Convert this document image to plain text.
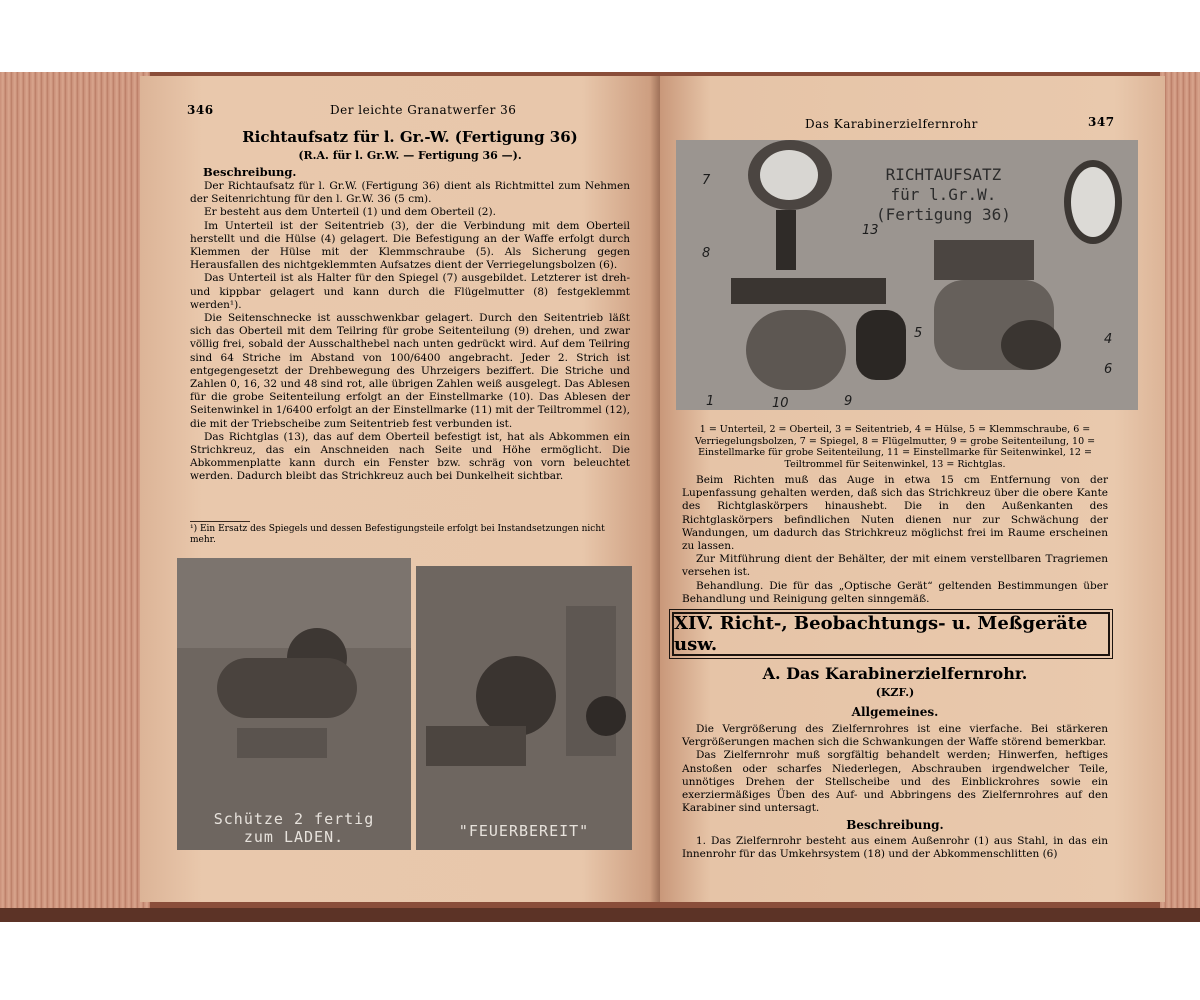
346	Der leichte Granatwerfer 36
Richtaufsatz für l. Gr.-W. (Fertigung 36)
(R.A. für l. Gr.W. — Fertigung 36 —).
Beschreibung.

Der Richtaufsatz für l. Gr.W. (Fertigung 36) dient als Richtmittel zum Nehmen der Seitenrichtung für den l. Gr.W. 36 (5 cm).

Er besteht aus dem Unterteil (1) und dem Oberteil (2).

Im Unterteil ist der Seitentrieb (3), der die Verbindung mit dem Oberteil herstellt und die Hülse (4) gelagert. Die Befestigung an der Waffe erfolgt durch Klemmen der Hülse mit der Klemmschraube (5). Als Sicherung gegen Herausfallen des nichtgeklemmten Aufsatzes dient der Verriegelungsbolzen (6).

Das Unterteil ist als Halter für den Spiegel (7) ausgebildet. Letzterer ist dreh- und kippbar gelagert und kann durch die Flügelmutter (8) festgeklemmt werden¹).

Die Seitenschnecke ist ausschwenkbar gelagert. Durch den Seitentrieb läßt sich das Oberteil mit dem Teilring für grobe Seitenteilung (9) drehen, und zwar völlig frei, sobald der Ausschalthebel nach unten gedrückt wird. Auf dem Teilring sind 64 Striche im Abstand von 100/6400 angebracht. Jeder 2. Strich ist entgegengesetzt der Drehbewegung des Uhrzeigers beziffert. Die Striche und Zahlen 0, 16, 32 und 48 sind rot, alle übrigen Zahlen weiß ausgelegt. Das Ablesen für die grobe Seitenteilung erfolgt an der Einstellmarke (10). Das Ablesen der Seitenwinkel in 1/6400 erfolgt an der Einstellmarke (11) mit der Teiltrommel (12), die mit der Triebscheibe zum Seitentrieb fest verbunden ist.

Das Richtglas (13), das auf dem Oberteil befestigt ist, hat als Abkommen ein Strichkreuz, das ein Anschneiden nach Seite und Höhe ermöglicht. Die Abkommenplatte kann durch ein Fenster bzw. schräg von vorn beleuchtet werden. Dadurch bleibt das Strichkreuz auch bei Dunkelheit sichtbar.

¹) Ein Ersatz des Spiegels und dessen Befestigungsteile erfolgt bei Instandsetzungen nicht mehr.
Schütze 2 fertig
zum LADEN.	"FEUERBEREIT"
Das Karabinerzielfernrohr	347
RICHTAUFSATZ
für l.Gr.W.
(Fertigung 36)
7
8
13
5	4
6
1	10	9
1 = Unterteil, 2 = Oberteil, 3 = Seitentrieb, 4 = Hülse, 5 = Klemmschraube, 6 = Verriegelungsbolzen, 7 = Spiegel, 8 = Flügelmutter, 9 = grobe Seitenteilung, 10 = Einstellmarke für grobe Seitenteilung, 11 = Einstellmarke für Seitenwinkel, 12 = Teiltrommel für Seitenwinkel, 13 = Richtglas.

Beim Richten muß das Auge in etwa 15 cm Entfernung von der Lupenfassung gehalten werden, daß sich das Strichkreuz über die obere Kante des Richtglaskörpers hinaushebt. Die in den Außenkanten des Richtglaskörpers befindlichen Nuten dienen nur zur Schwächung der Wandungen, um dadurch das Strichkreuz möglichst frei im Raume erscheinen zu lassen.

Zur Mitführung dient der Behälter, der mit einem verstellbaren Tragriemen versehen ist.

Behandlung. Die für das „Optische Gerät“ geltenden Bestimmungen über Behandlung und Reinigung gelten sinngemäß.

XIV. Richt-, Beobachtungs- u. Meßgeräte usw.
A. Das Karabinerzielfernrohr.
(KZF.)
Allgemeines.

Die Vergrößerung des Zielfernrohres ist eine vierfache. Bei stärkeren Vergrößerungen machen sich die Schwankungen der Waffe störend bemerkbar.

Das Zielfernrohr muß sorgfältig behandelt werden; Hinwerfen, heftiges Anstoßen oder scharfes Niederlegen, Abschrauben irgendwelcher Teile, unnötiges Drehen der Stellscheibe und des Einblickrohres sowie ein exerziermäßiges Üben des Auf- und Abbringens des Zielfernrohres auf den Karabiner sind untersagt.

Beschreibung.

1. Das Zielfernrohr besteht aus einem Außenrohr (1) aus Stahl, in das ein Innenrohr für das Umkehrsystem (18) und der Abkommenschlitten (6)
